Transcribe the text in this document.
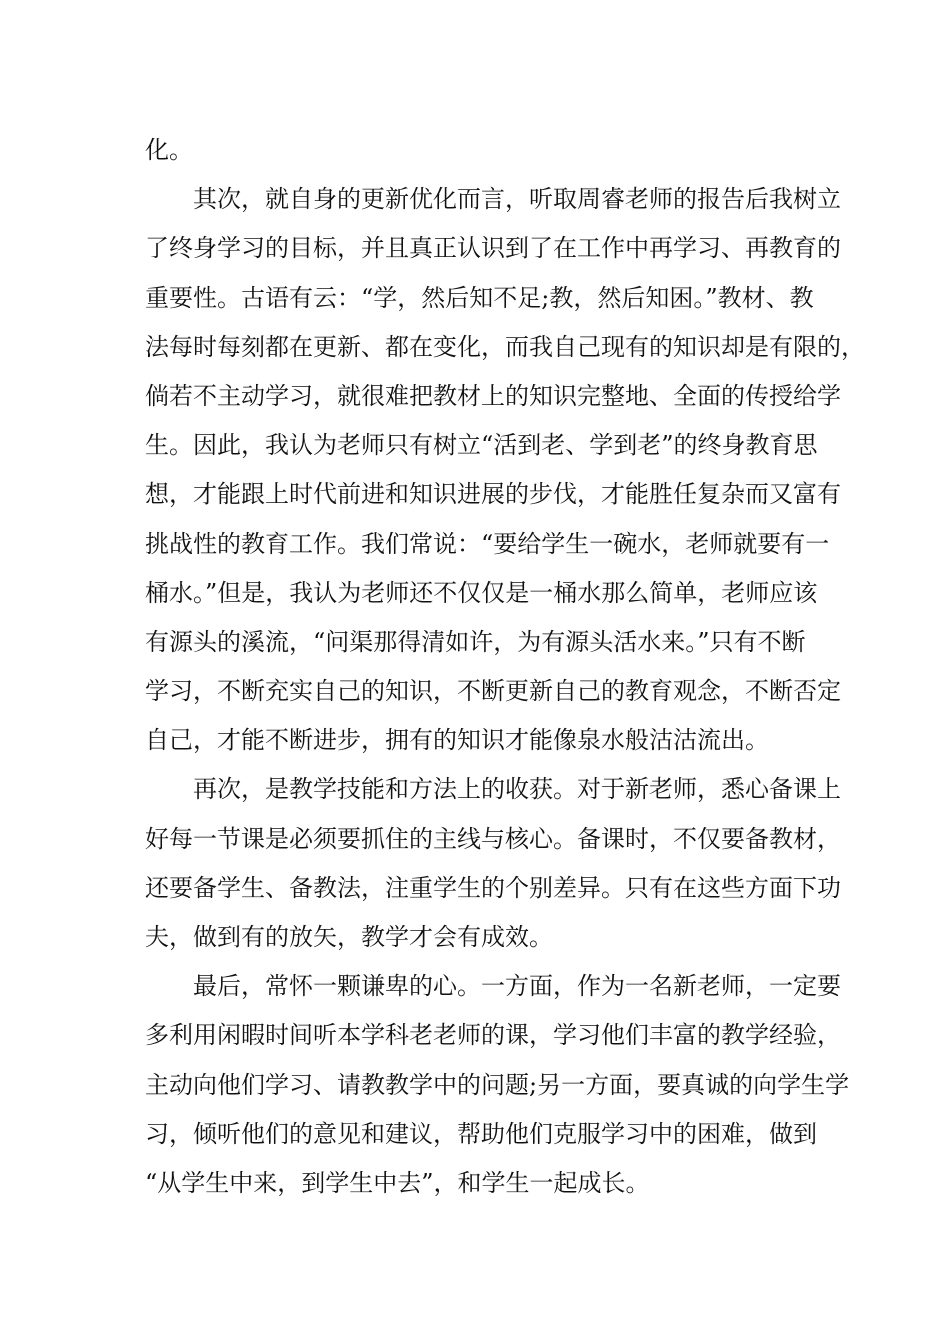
化。
其次，就自身的更新优化而言，听取周睿老师的报告后我树立
了终身学习的目标，并且真正认识到了在工作中再学习、再教育的
重要性。古语有云：“学，然后知不足;教，然后知困。”教材、教
法每时每刻都在更新、都在变化，而我自己现有的知识却是有限的，
倘若不主动学习，就很难把教材上的知识完整地、全面的传授给学
生。因此，我认为老师只有树立“活到老、学到老”的终身教育思
想，才能跟上时代前进和知识进展的步伐，才能胜任复杂而又富有
挑战性的教育工作。我们常说：“要给学生一碗水，老师就要有一
桶水。”但是，我认为老师还不仅仅是一桶水那么简单，老师应该
有源头的溪流，“问渠那得清如许，为有源头活水来。”只有不断
学习，不断充实自己的知识，不断更新自己的教育观念，不断否定
自己，才能不断进步，拥有的知识才能像泉水般沽沽流出。
再次，是教学技能和方法上的收获。对于新老师，悉心备课上
好每一节课是必须要抓住的主线与核心。备课时，不仅要备教材，
还要备学生、备教法，注重学生的个别差异。只有在这些方面下功
夫，做到有的放矢，教学才会有成效。
最后，常怀一颗谦卑的心。一方面，作为一名新老师，一定要
多利用闲暇时间听本学科老老师的课，学习他们丰富的教学经验，
主动向他们学习、请教教学中的问题;另一方面，要真诚的向学生学
习，倾听他们的意见和建议，帮助他们克服学习中的困难，做到
“从学生中来，到学生中去”，和学生一起成长。
